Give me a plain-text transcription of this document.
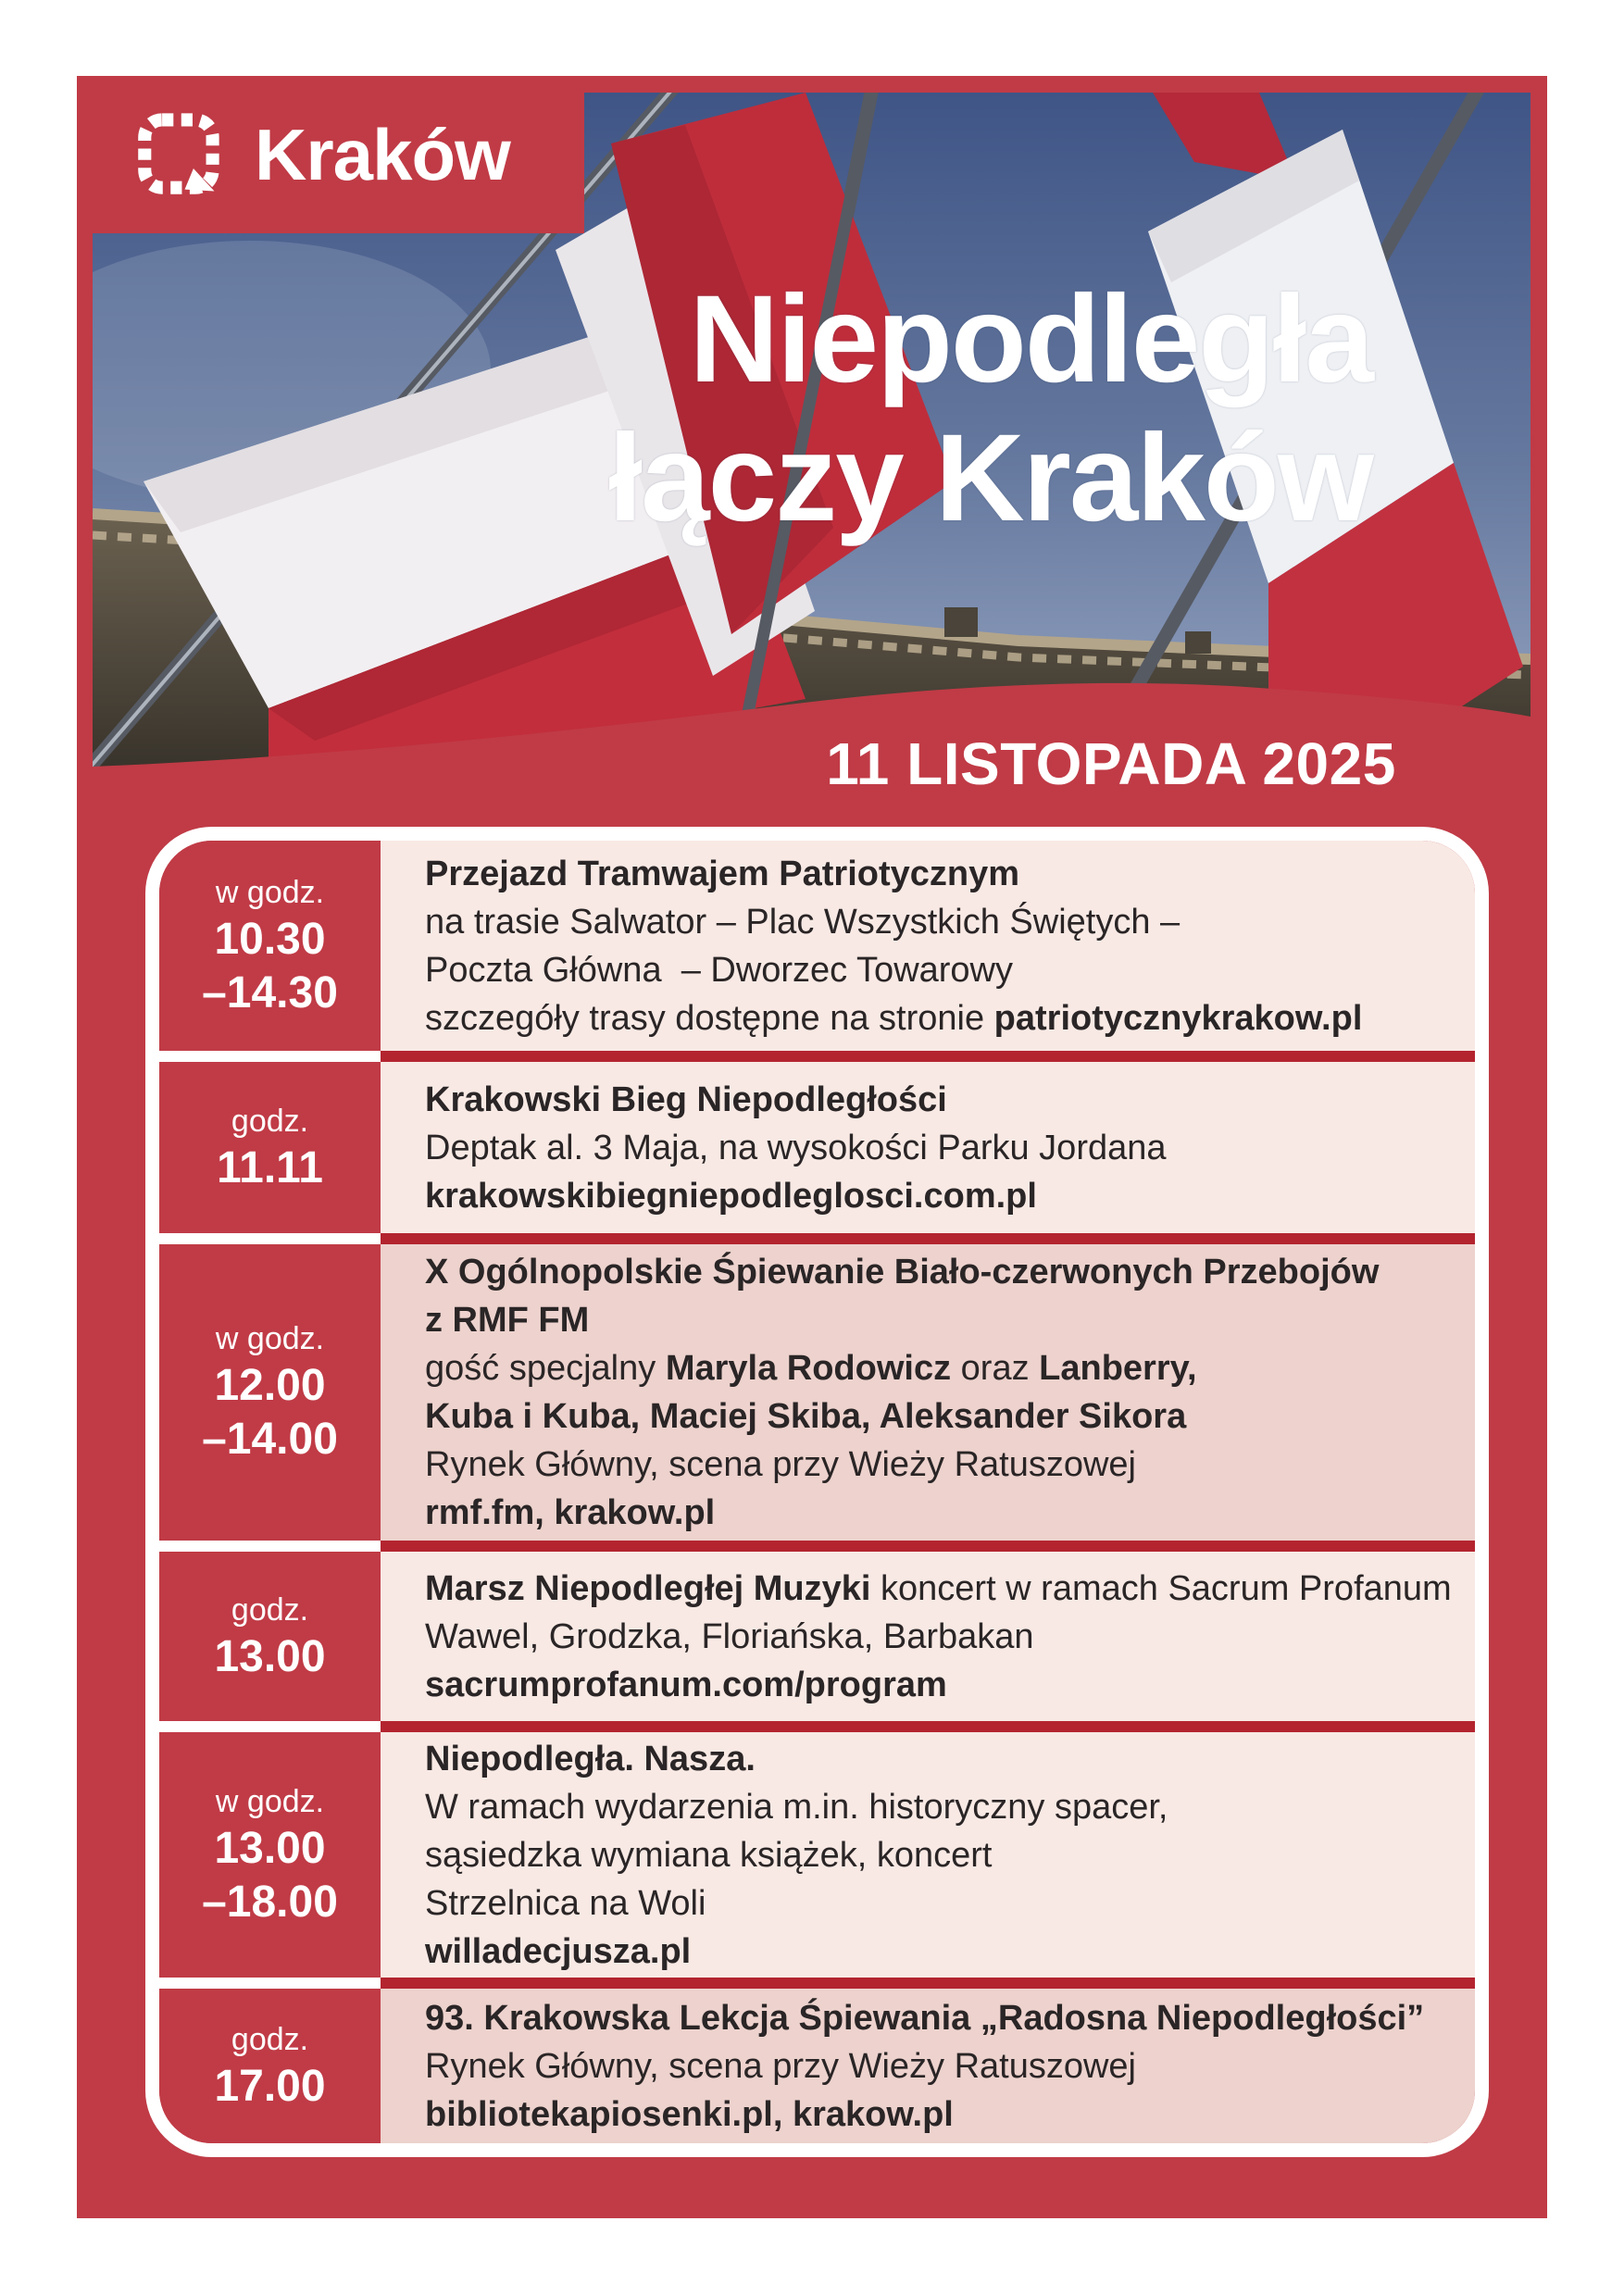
Kraków
Niepodległa
łączy Kraków
11 LISTOPADA 2025
w godz.
10.30
–14.30
Przejazd Tramwajem Patriotycznym
na trasie Salwator – Plac Wszystkich Świętych –
Poczta Główna  – Dworzec Towarowy
szczegóły trasy dostępne na stronie patriotycznykrakow.pl
godz.
11.11
Krakowski Bieg Niepodległości
Deptak al. 3 Maja, na wysokości Parku Jordana
krakowskibiegniepodleglosci.com.pl
w godz.
12.00
–14.00
X Ogólnopolskie Śpiewanie Biało-czerwonych Przebojów
z RMF FM
gość specjalny Maryla Rodowicz oraz Lanberry,
Kuba i Kuba, Maciej Skiba, Aleksander Sikora
Rynek Główny, scena przy Wieży Ratuszowej
rmf.fm, krakow.pl
godz.
13.00
Marsz Niepodległej Muzyki koncert w ramach Sacrum Profanum
Wawel, Grodzka, Floriańska, Barbakan
sacrumprofanum.com/program
w godz.
13.00
–18.00
Niepodległa. Nasza.
W ramach wydarzenia m.in. historyczny spacer,
sąsiedzka wymiana książek, koncert
Strzelnica na Woli
willadecjusza.pl
godz.
17.00
93. Krakowska Lekcja Śpiewania „Radosna Niepodległości”
Rynek Główny, scena przy Wieży Ratuszowej
bibliotekapiosenki.pl, krakow.pl
